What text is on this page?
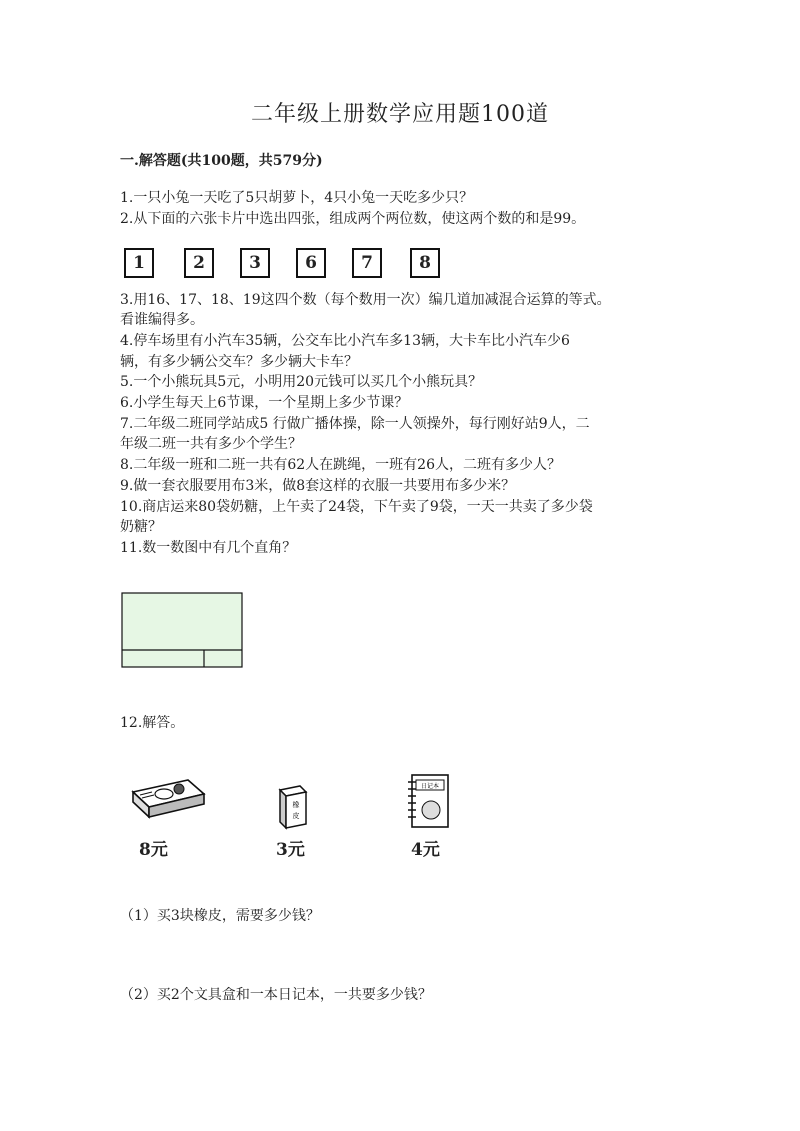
二年级上册数学应用题100道
一.解答题(共100题，共579分)
1.一只小兔一天吃了5只胡萝卜，4只小兔一天吃多少只？
2.从下面的六张卡片中选出四张，组成两个两位数，使这两个数的和是99。
1	2	3	6	7	8
3.用16、17、18、19这四个数（每个数用一次）编几道加减混合运算的等式。
看谁编得多。
4.停车场里有小汽车35辆，公交车比小汽车多13辆，大卡车比小汽车少6
辆，有多少辆公交车？多少辆大卡车？
5.一个小熊玩具5元，小明用20元钱可以买几个小熊玩具？
6.小学生每天上6节课，一个星期上多少节课？
7.二年级二班同学站成5 行做广播体操，除一人领操外，每行刚好站9人，二
年级二班一共有多少个学生？
8.二年级一班和二班一共有62人在跳绳，一班有26人，二班有多少人？
9.做一套衣服要用布3米，做8套这样的衣服一共要用布多少米？
10.商店运来80袋奶糖，上午卖了24袋，下午卖了9袋，一天一共卖了多少袋
奶糖？
11.数一数图中有几个直角？
12.解答。
8元
橡
皮
3元
日记本
4元
（1）买3块橡皮，需要多少钱？
（2）买2个文具盒和一本日记本，一共要多少钱？
